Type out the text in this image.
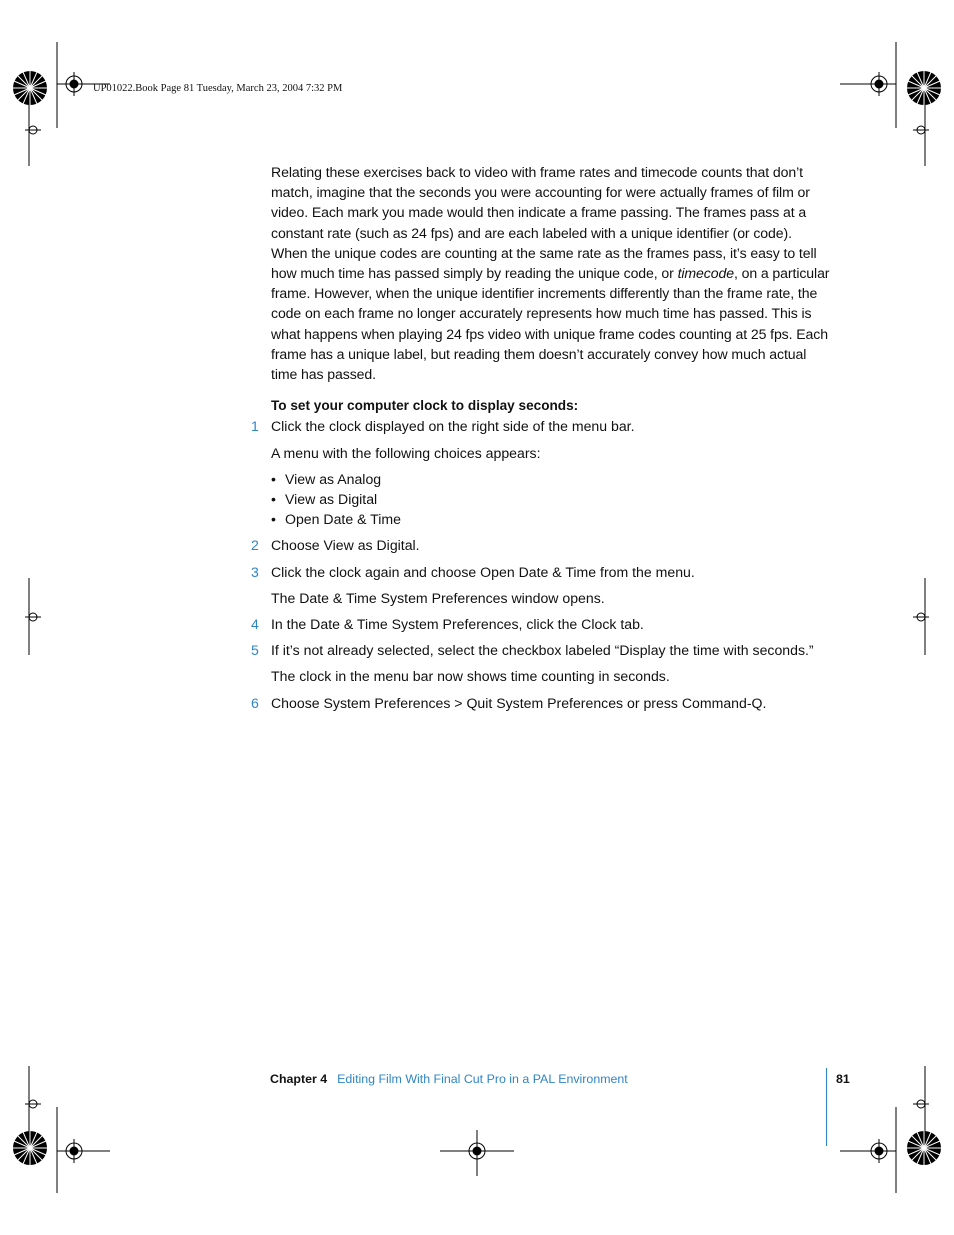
UP01022.Book Page 81 Tuesday, March 23, 2004 7:32 PM

Relating these exercises back to video with frame rates and timecode counts that don’t match, imagine that the seconds you were accounting for were actually frames of film or video. Each mark you made would then indicate a frame passing. The frames pass at a constant rate (such as 24 fps) and are each labeled with a unique identifier (or code). When the unique codes are counting at the same rate as the frames pass, it’s easy to tell how much time has passed simply by reading the unique code, or timecode, on a particular frame. However, when the unique identifier increments differently than the frame rate, the code on each frame no longer accurately represents how much time has passed. This is what happens when playing 24 fps video with unique frame codes counting at 25 fps. Each frame has a unique label, but reading them doesn’t accurately convey how much actual time has passed.

To set your computer clock to display seconds:

1 Click the clock displayed on the right side of the menu bar.

A menu with the following choices appears:

• View as Analog
• View as Digital
• Open Date & Time
2 Choose View as Digital.
3 Click the clock again and choose Open Date & Time from the menu.

The Date & Time System Preferences window opens.

4 In the Date & Time System Preferences, click the Clock tab.
5 If it’s not already selected, select the checkbox labeled “Display the time with seconds.”

The clock in the menu bar now shows time counting in seconds.

6 Choose System Preferences > Quit System Preferences or press Command-Q.
Chapter 4 Editing Film With Final Cut Pro in a PAL Environment	81
